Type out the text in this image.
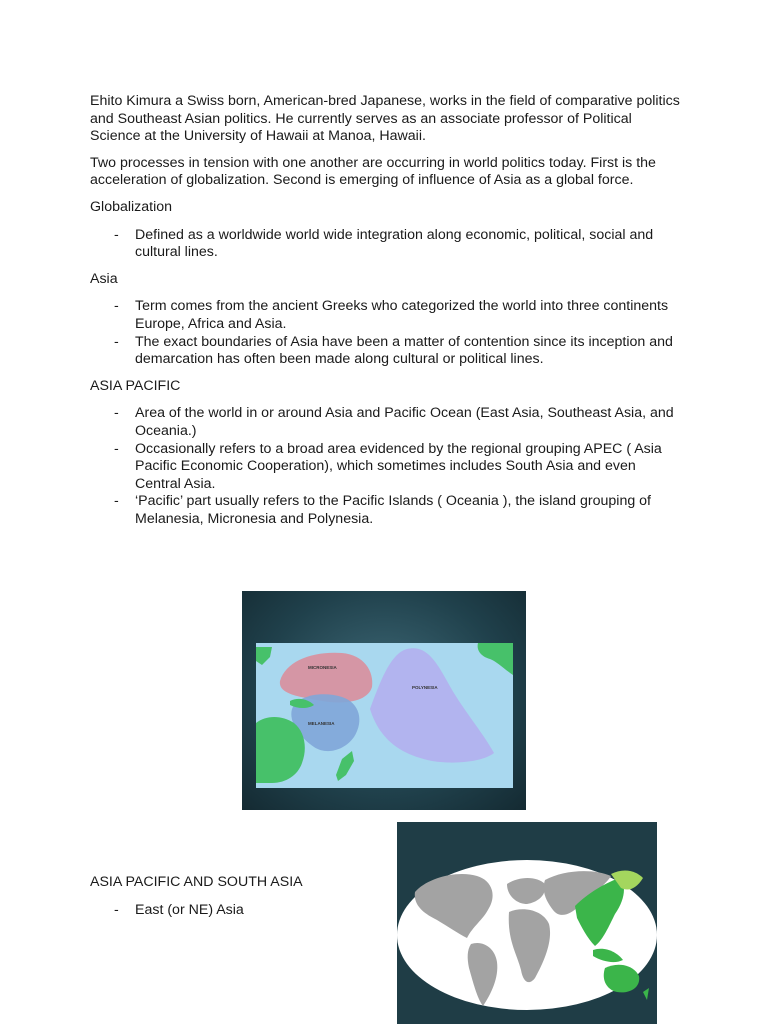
Ehito Kimura a Swiss born, American-bred Japanese, works in the field of comparative politics and Southeast Asian politics. He currently serves as an associate professor of Political Science at the University of Hawaii at Manoa, Hawaii.

Two processes in tension with one another are occurring in world politics today. First is the acceleration of globalization. Second is emerging of influence of Asia as a global force.

Globalization

- Defined as a worldwide world wide integration along economic, political, social and cultural lines.

Asia

- Term comes from the ancient Greeks who categorized the world into three continents Europe, Africa and Asia.
- The exact boundaries of Asia have been a matter of contention since its inception and demarcation has often been made along cultural or political lines.

ASIA PACIFIC

- Area of the world in or around Asia and Pacific Ocean (East Asia, Southeast Asia, and Oceania.)
- Occasionally refers to a broad area evidenced by the regional grouping APEC ( Asia Pacific Economic Cooperation), which sometimes includes South Asia and even Central Asia.
- ‘Pacific’ part usually refers to the Pacific Islands ( Oceania ), the island grouping of Melanesia, Micronesia and Polynesia.
MICRONESIA
POLYNESIA
MELANESIA

ASIA PACIFIC AND SOUTH ASIA

- East (or NE) Asia
